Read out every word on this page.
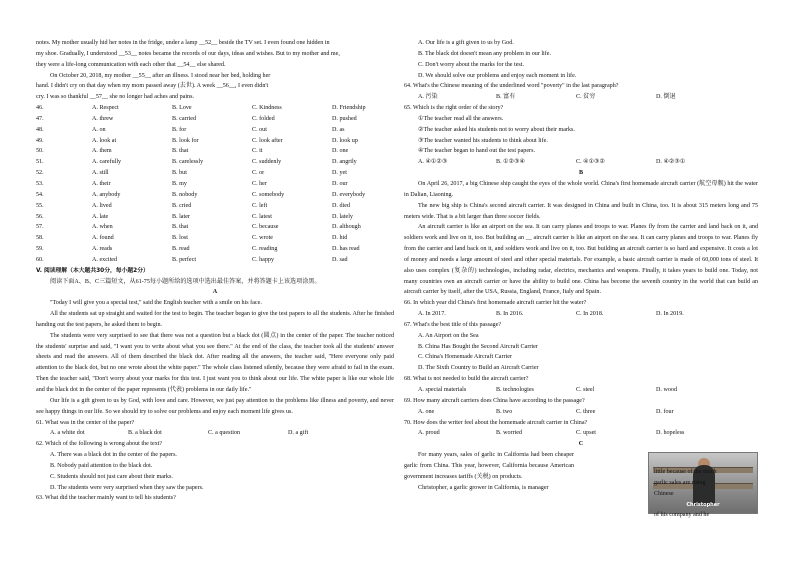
notes. My mother usually hid her notes in the fridge, under a lamp __52__ beside the TV set. I even found one hidden in

my shoe. Gradually, I understood __53__ notes became the records of our days, ideas and wishes. But to my mother and me,

they were a life-long communication with each other that __54__ else shared.

On October 20, 2018, my mother __55__ after an illness. I stood near her bed, holding her

hand. I didn't cry on that day when my mom passed away (去世). A week __56__, I even didn't

cry. I was so thankful __57__ she no longer had aches and pains.

46.	A. Respect	B. Love	C. Kindness	D. Friendship
47.	A. threw	B. carried	C. folded	D. pushed
48.	A. on	B. for	C. out	D. as
49.	A. look at	B. look for	C. look after	D. look up
50.	A. them	B. that	C. it	D. one
51.	A. carefully	B. carelessly	C. suddenly	D. angrily
52.	A. still	B. but	C. or	D. yet
53.	A. their	B. my	C. her	D. our
54.	A. anybody	B. nobody	C. somebody	D. everybody
55.	A. lived	B. cried	C. left	D. died
56.	A. late	B. later	C. latest	D. lately
57.	A. when	B. that	C. because	D. although
58.	A. found	B. lost	C. wrote	D. hid
59.	A. reads	B. read	C. reading	D. has read
60.	A. excited	B. perfect	C. happy	D. sad

V. 阅读理解（本大题共30分，每小题2分）

阅读下面A、B、C三篇短文，从61-75每小题所给的选项中选出最佳答案，并将答题卡上该选项涂黑。

A

"Today I will give you a special test," said the English teacher with a smile on his face.

All the students sat up straight and waited for the test to begin. The teacher began to give the test papers to all the students. After he finished handing out the test papers, he asked them to begin.

The students were very surprised to see that there was not a question but a black dot (圆点) in the center of the paper. The teacher noticed the students' surprise and said, "I want you to write about what you see there." At the end of the class, the teacher took all the students' answer sheets and read the answers. All of them described the black dot. After reading all the answers, the teacher said, "Here everyone only paid attention to the black dot, but no one wrote about the white paper." The whole class listened silently, because they were afraid to fail in the exam. Then the teacher said, "Don't worry about your marks for this test. I just want you to think about our life. The white paper is like our whole life and the black dot in the center of the paper represents (代表) problems in our daily life."

Our life is a gift given to us by God, with love and care. However, we just pay attention to the problems like illness and poverty, and never see happy things in our life. So we should try to solve our problems and enjoy each moment life gives us.

61. What was in the center of the paper?

A. a white dot	B. a black dot	C. a question	D. a gift

62. Which of the following is wrong about the text?

A. There was a black dot in the center of the papers.

B. Nobody paid attention to the black dot.

C. Students should not just care about their marks.

D. The students were very surprised when they saw the papers.

63. What did the teacher mainly want to tell his students?

A. Our life is a gift given to us by God.

B. The black dot doesn't mean any problem in our life.

C. Don't worry about the marks for the test.

D. We should solve our problems and enjoy each moment in life.

64. What's the Chinese meaning of the underlined word "poverty" in the last paragraph?

A. 污染	B. 富有	C. 贫穷	D. 倒退

65. Which is the right order of the story?

①The teacher read all the answers.

②The teacher asked his students not to worry about their marks.

③The teacher wanted his students to think about life.

④The teacher began to hand out the test papers.

A. ④①②③	B. ①②③④	C. ④①③②	D. ④②③①

B

On April 26, 2017, a big Chinese ship caught the eyes of the whole world. China's first homemade aircraft carrier (航空母舰) hit the water in Dalian, Liaoning.

The new big ship is China's second aircraft carrier. It was designed in China and built in China, too. It is about 315 meters long and 75 meters wide. That is a bit larger than three soccer fields.

An aircraft carrier is like an airport on the sea. It can carry planes and troops to war. Planes fly from the carrier and land back on it, and soldiers work and live on it, too. But building an __ aircraft carrier is like an airport on the sea. It can carry planes and troops to war. Planes fly from the carrier and land back on it, and soldiers work and live on it, too. But building an aircraft carrier is so hard and expensive. It costs a lot of money and needs a large amount of steel and other special materials. For example, a basic aircraft carrier is made of 60,000 tons of steel. It also uses complex (复杂的) technologies, including radar, electrics, mechanics and weapons. Finally, it takes years to build one. Today, not many countries own an aircraft carrier or have the ability to build one. China has become the seventh country in the world that can build an aircraft carrier by itself, after the USA, Russia, England, France, Italy and Spain.

66. In which year did China's first homemade aircraft carrier hit the water?

A. In 2017.	B. In 2016.	C. In 2018.	D. In 2019.

67. What's the best title of this passage?

A. An Airport on the Sea

B. China Has Bought the Second Aircraft Carrier

C. China's Homemade Aircraft Carrier

D. The Sixth Country to Build an Aircraft Carrier

68. What is not needed to build the aircraft carrier?

A. special materials	B. technologies	C. steel	D. wood

69. How many aircraft carriers does China have according to the passage?

A. one	B. two	C. three	D. four

70. How does the writer feel about the homemade aircraft carrier in China?

A. proud	B. worried	C. upset	D. hopeless

C

Christopher

For many years, sales of garlic in California had been cheaper garlic from China. This year, however, California because American government increases tariffs (关税) on products.

Christopher, a garlic grower in California, is manager

little because of the much

garlic sales are rising

Chinese

of his company and he
